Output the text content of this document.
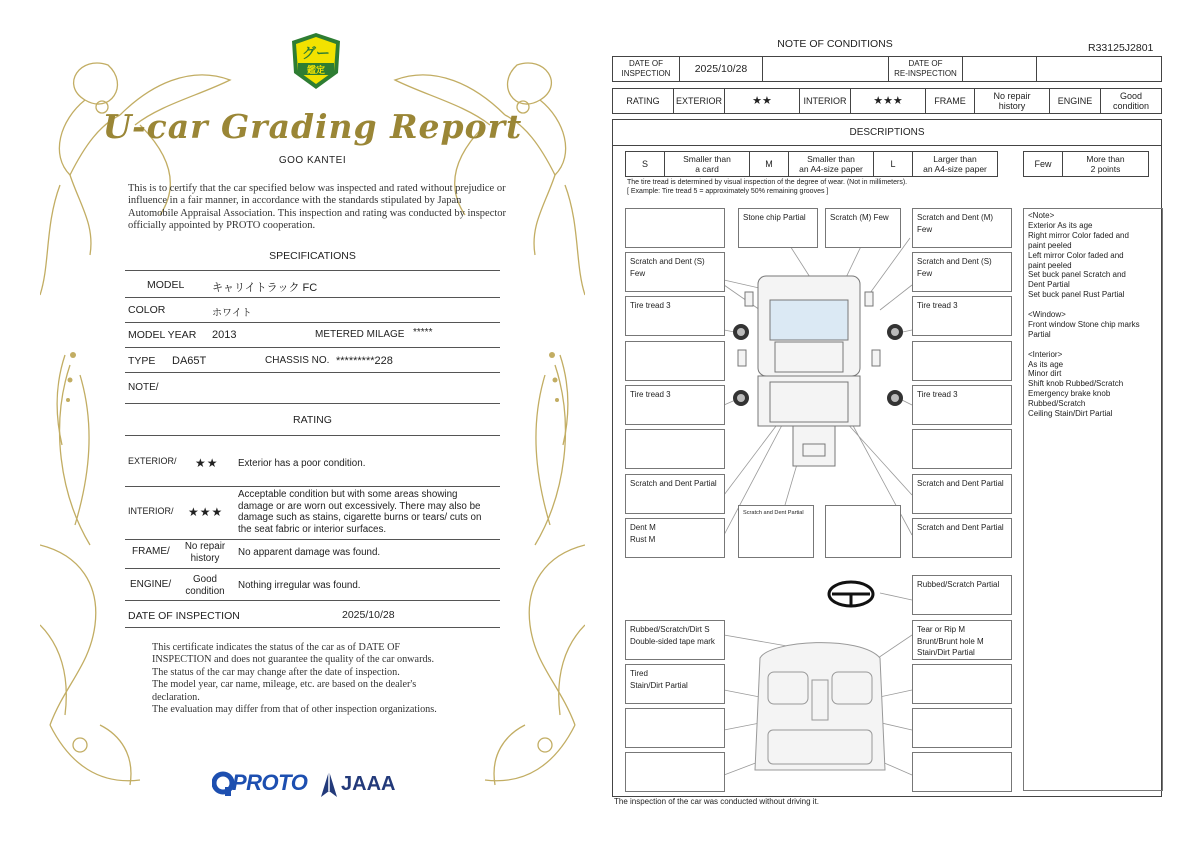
グー
鑑定
U-car Grading Report
GOO KANTEI
This is to certify that the car specified below was inspected and rated without prejudice or influence in a fair manner, in accordance with the standards stipulated by Japan Automobile Appraisal Association. This inspection and rating was conducted by inspector officially appointed by PROTO cooperation.
SPECIFICATIONS
MODEL	キャリイトラック FC
COLOR	ホワイト
MODEL YEAR 2013	METERED MILAGE *****
TYPE DA65T	CHASSIS NO. *********228
NOTE/
RATING
EXTERIOR/ ★★ Exterior has a poor condition.
INTERIOR/ ★★★
Acceptable condition but with some areas showing damage or are worn out excessively. There may also be damage such as stains, cigarette burns or tears/ cuts on the seat fabric or interior surfaces.
FRAME/	No repair
history
No apparent damage was found.
ENGINE/	Good
condition
Nothing irregular was found.
DATE OF INSPECTION	2025/10/28
This certificate indicates the status of the car as of DATE OF
INSPECTION and does not guarantee the quality of the car onwards.
The status of the car may change after the date of inspection.
The model year, car name, mileage, etc. are based on the dealer's
declaration.
The evaluation may differ from that of other inspection organizations.
PROTO JAAA
NOTE OF CONDITIONS	R33125J2801
DATE OF
INSPECTION	2025/10/28	DATE OF
RE-INSPECTION
RATING	EXTERIOR	★★	INTERIOR	★★★	FRAME	No repair
history	ENGINE	Good
condition
DESCRIPTIONS
S	Smaller than
a card	M	Smaller than
an A4-size paper	L	Larger than
an A4-size paper	Few	More than
2 points
The tire tread is determined by visual inspection of the degree of wear. (Not in millimeters).
[ Example: Tire tread 5 = approximately 50% remaining grooves ]
Scratch and Dent (S) Few
Tire tread 3
Tire tread 3
Scratch and Dent Partial
Dent M
Rust M
Stone chip Partial	Scratch (M) Few
Scratch and Dent Partial
Scratch and Dent (M) Few
Scratch and Dent (S) Few
Tire tread 3
Tire tread 3
Scratch and Dent Partial
Scratch and Dent Partial
Rubbed/Scratch Partial
Rubbed/Scratch/Dirt S
Double-sided tape mark
Tear or Rip M
Brunt/Brunt hole M
Stain/Dirt Partial
Tired
Stain/Dirt Partial
<Note>
Exterior As its age
Right mirror Color faded and
paint peeled
Left mirror Color faded and
paint peeled
Set buck panel Scratch and
Dent Partial
Set buck panel Rust Partial
<Window>
Front window Stone chip marks
Partial
<Interior>
As its age
Minor dirt
Shift knob Rubbed/Scratch
Emergency brake knob
Rubbed/Scratch
Ceiling Stain/Dirt Partial
The inspection of the car was conducted without driving it.
